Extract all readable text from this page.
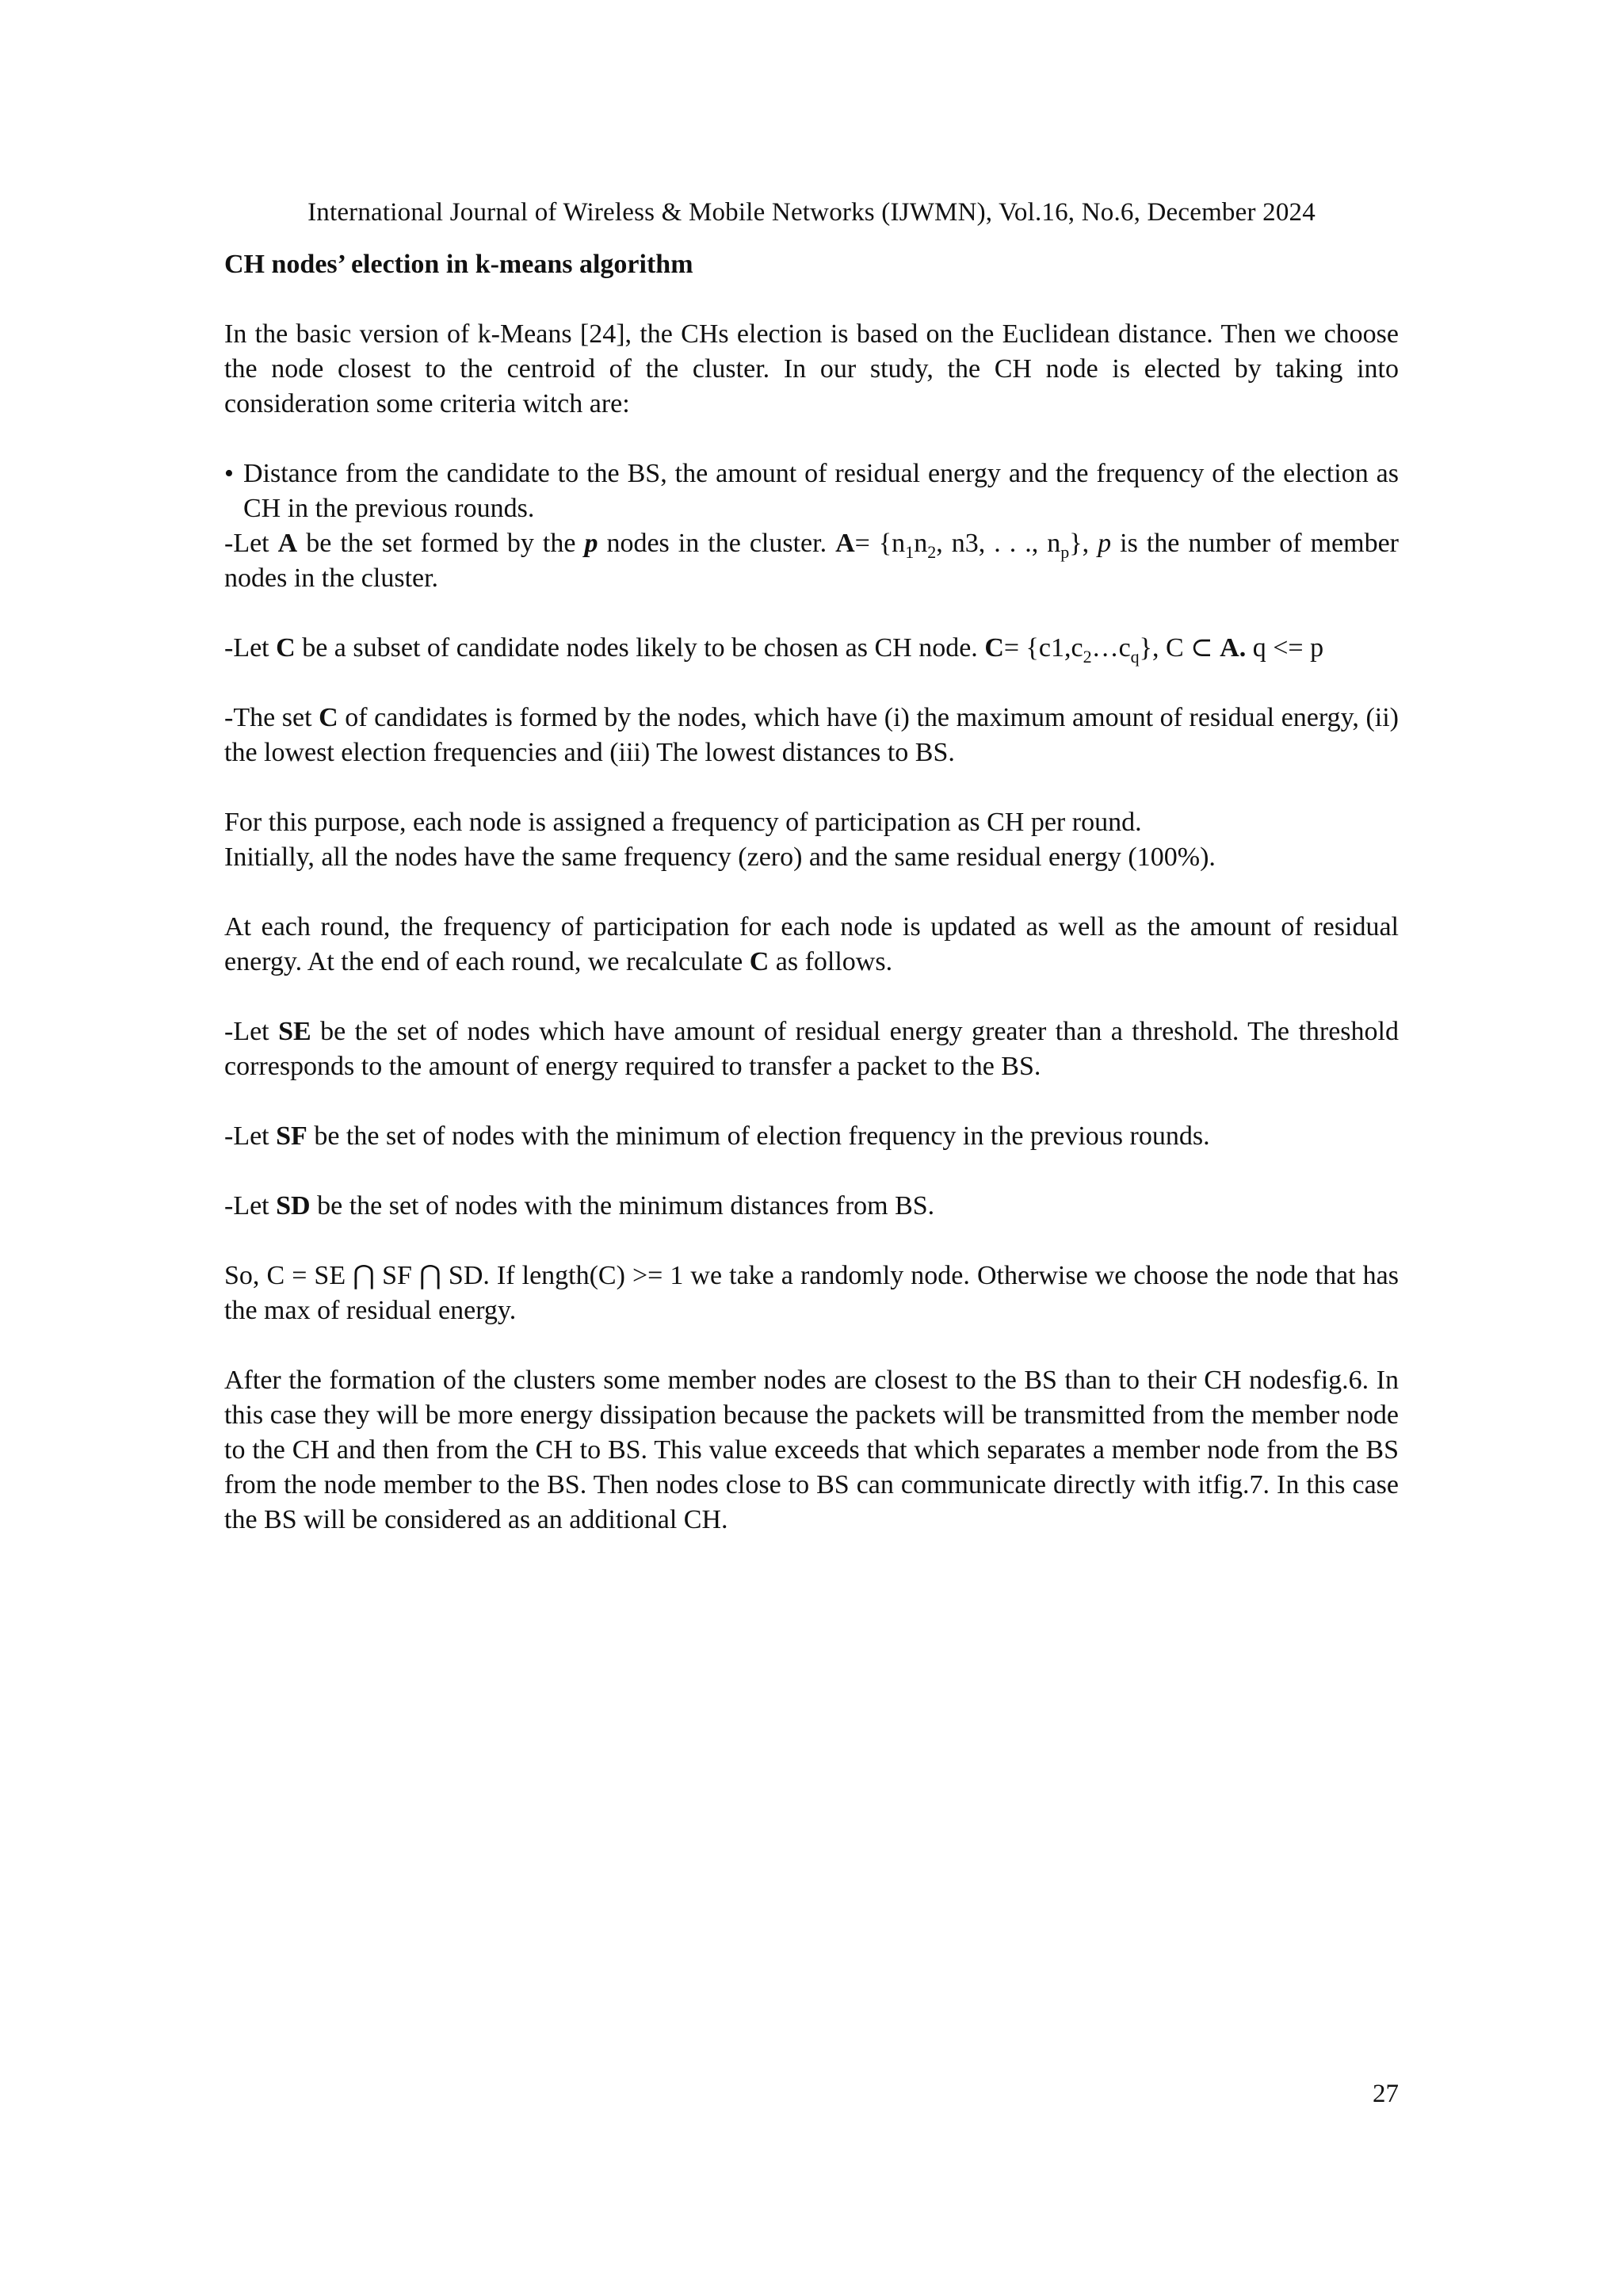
International Journal of Wireless & Mobile Networks (IJWMN), Vol.16, No.6, December 2024
CH nodes’ election in k-means algorithm

In the basic version of k-Means [24], the CHs election is based on the Euclidean distance. Then we choose the node closest to the centroid of the cluster. In our study, the CH node is elected by taking into consideration some criteria witch are:

• Distance from the candidate to the BS, the amount of residual energy and the frequency of the election as CH in the previous rounds.

-Let A be the set formed by the p nodes in the cluster. $A= \{n_1n_2$, n3, . . ., $n_p$}, p is the number of member nodes in the cluster.

-Let C be a subset of candidate nodes likely to be chosen as CH node. $C= \{c1,c_2\dots c_q\}$, C ⊂ A. q <= p

-The set C of candidates is formed by the nodes, which have (i) the maximum amount of residual energy, (ii) the lowest election frequencies and (iii) The lowest distances to BS.

For this purpose, each node is assigned a frequency of participation as CH per round.

Initially, all the nodes have the same frequency (zero) and the same residual energy (100%).

At each round, the frequency of participation for each node is updated as well as the amount of residual energy. At the end of each round, we recalculate C as follows.

-Let SE be the set of nodes which have amount of residual energy greater than a threshold. The threshold corresponds to the amount of energy required to transfer a packet to the BS.

-Let SF be the set of nodes with the minimum of election frequency in the previous rounds.

-Let SD be the set of nodes with the minimum distances from BS.

So, C = SE ⋂ SF ⋂ SD. If length(C) >= 1 we take a randomly node. Otherwise we choose the node that has the max of residual energy.

After the formation of the clusters some member nodes are closest to the BS than to their CH nodesfig.6. In this case they will be more energy dissipation because the packets will be transmitted from the member node to the CH and then from the CH to BS. This value exceeds that which separates a member node from the BS from the node member to the BS. Then nodes close to BS can communicate directly with itfig.7. In this case the BS will be considered as an additional CH.

27
